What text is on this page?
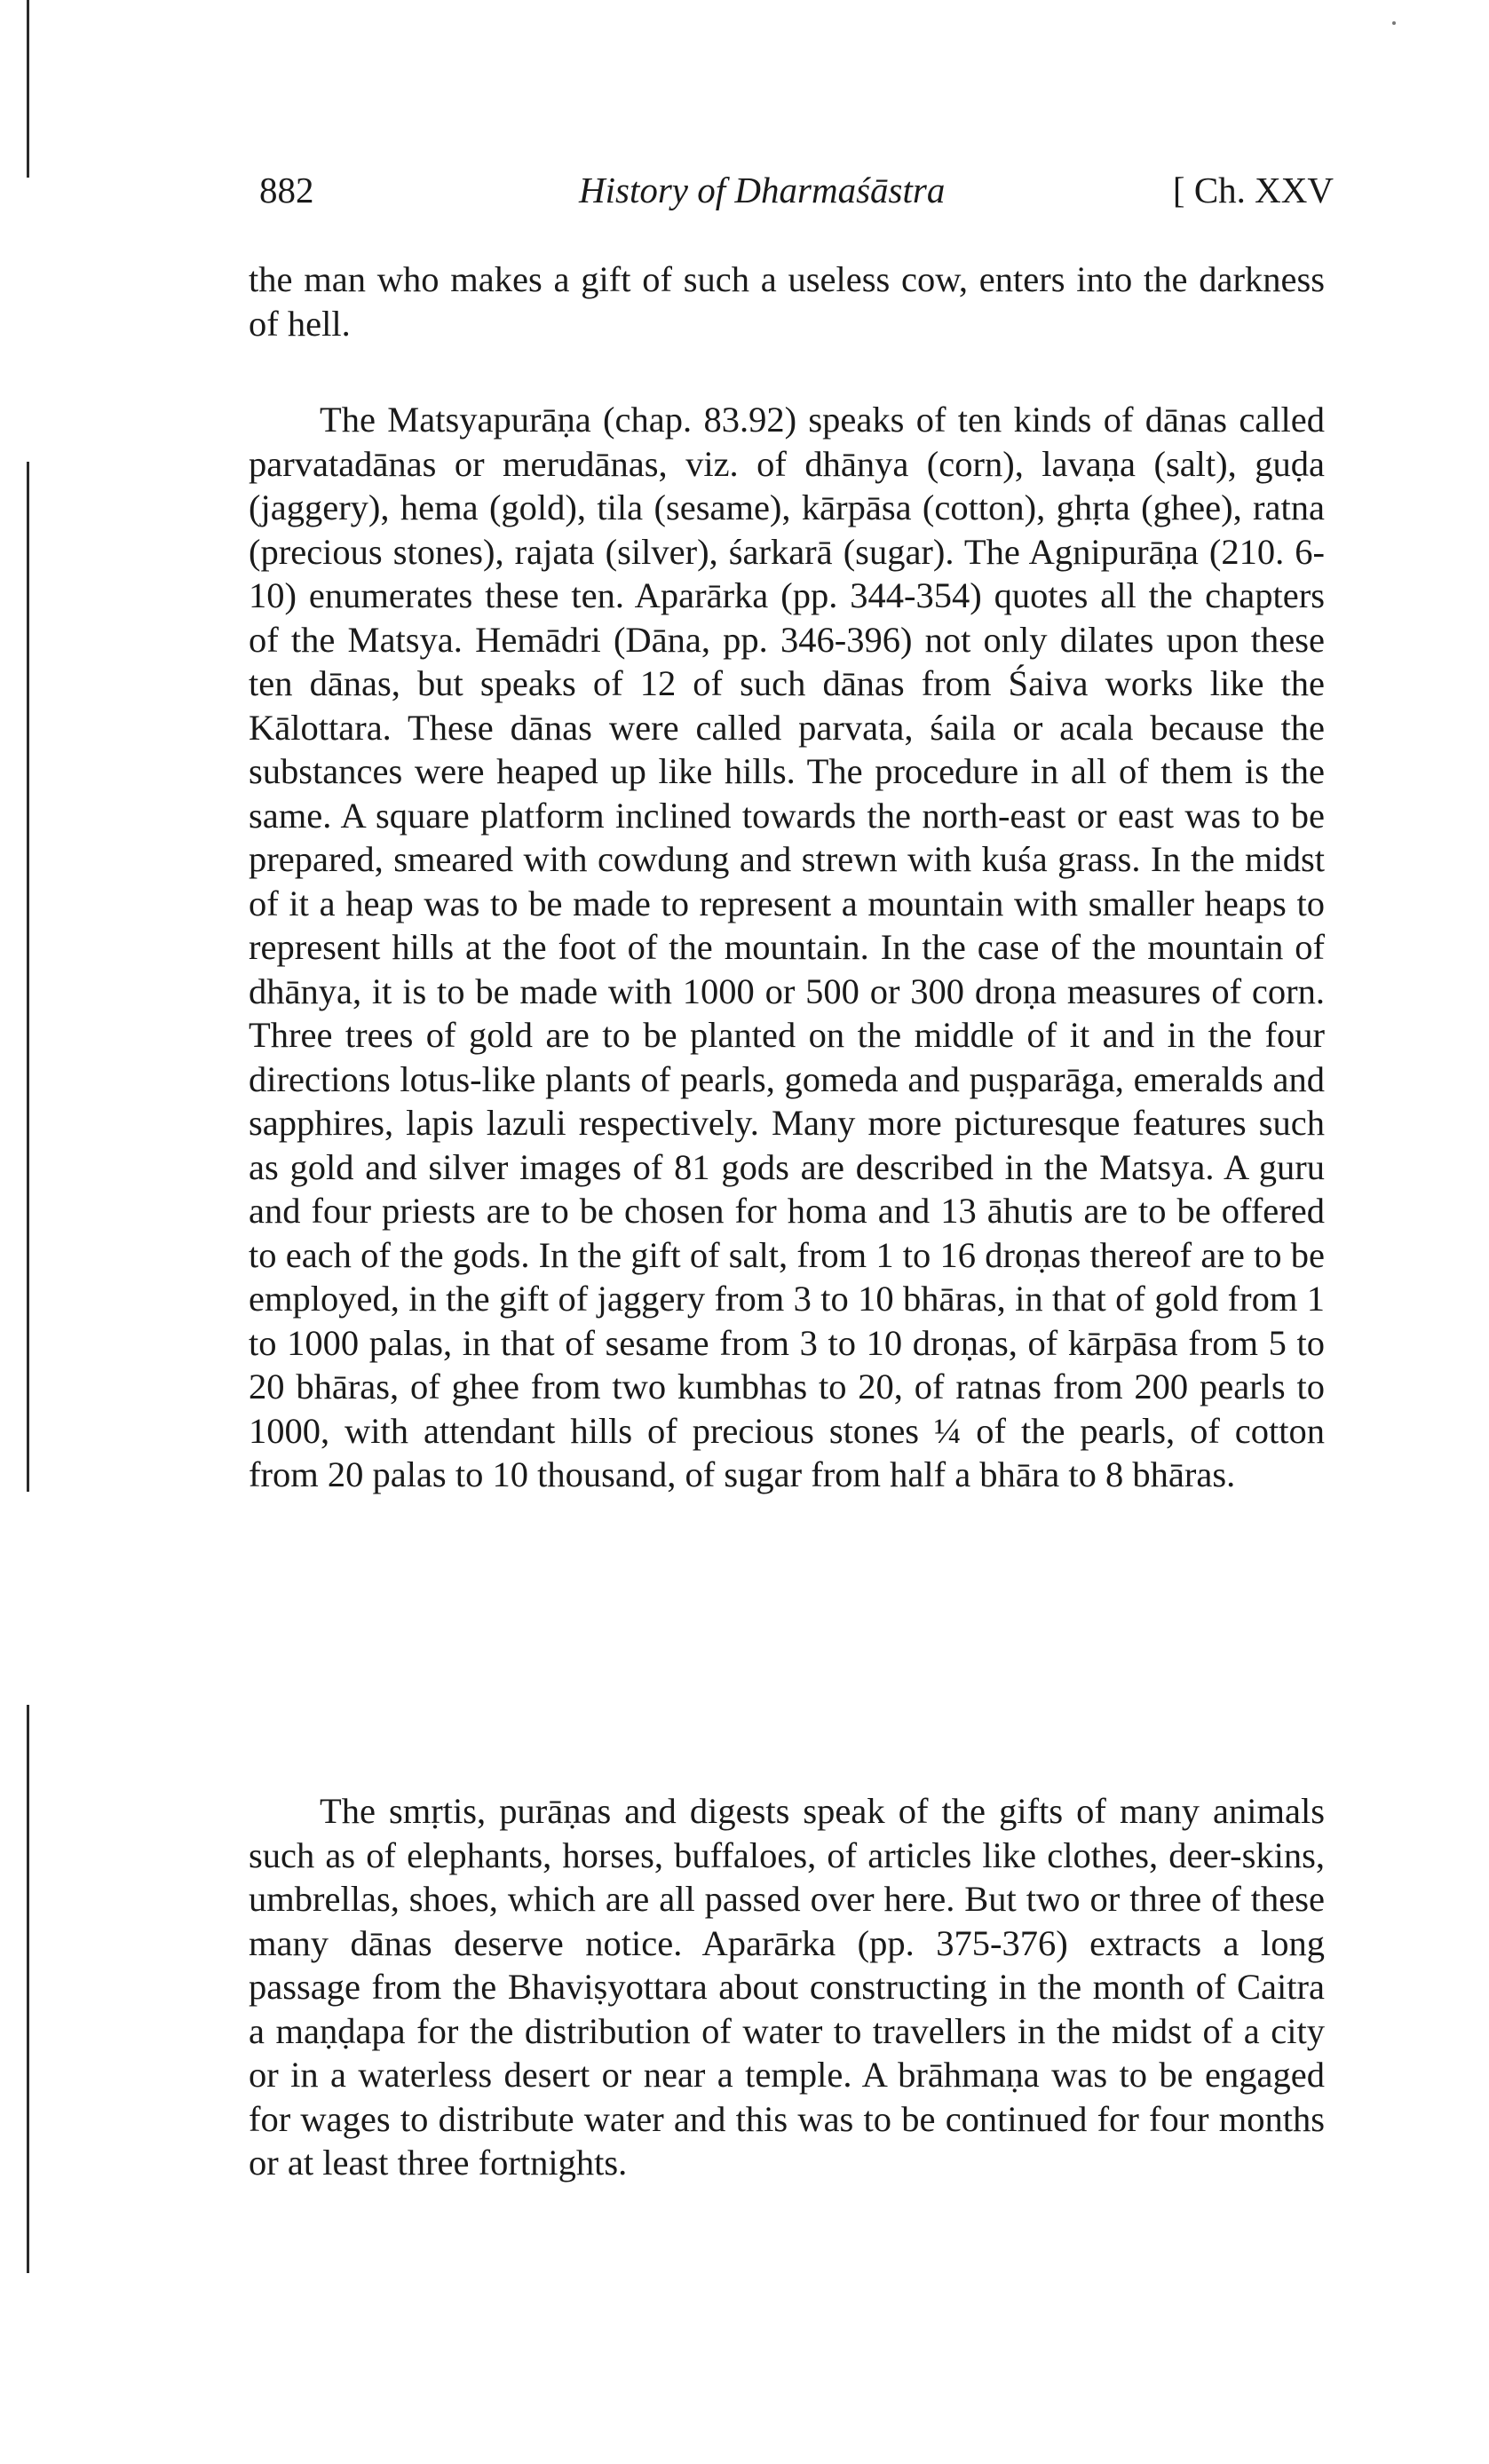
882	History of Dharmaśāstra	[ Ch. XXV

the man who makes a gift of such a useless cow, enters into the darkness of hell.

The Matsyapurāṇa (chap. 83.92) speaks of ten kinds of dānas called parvatadānas or merudānas, viz. of dhānya (corn), lavaṇa (salt), guḍa (jaggery), hema (gold), tila (sesame), kārpāsa (cotton), ghṛta (ghee), ratna (precious stones), rajata (silver), śarkarā (sugar). The Agnipurāṇa (210. 6-10) enumerates these ten. Aparārka (pp. 344-354) quotes all the chapters of the Matsya. Hemādri (Dāna, pp. 346-396) not only dilates upon these ten dānas, but speaks of 12 of such dānas from Śaiva works like the Kālottara. These dānas were called parvata, śaila or acala because the substances were heaped up like hills. The procedure in all of them is the same. A square platform inclined towards the north-east or east was to be prepared, smeared with cowdung and strewn with kuśa grass. In the midst of it a heap was to be made to represent a mountain with smaller heaps to represent hills at the foot of the mountain. In the case of the mountain of dhānya, it is to be made with 1000 or 500 or 300 droṇa measures of corn. Three trees of gold are to be planted on the middle of it and in the four directions lotus-like plants of pearls, gomeda and puṣparāga, emeralds and sapphires, lapis lazuli respectively. Many more picturesque features such as gold and silver images of 81 gods are described in the Matsya. A guru and four priests are to be chosen for homa and 13 āhutis are to be offered to each of the gods. In the gift of salt, from 1 to 16 droṇas thereof are to be employed, in the gift of jaggery from 3 to 10 bhāras, in that of gold from 1 to 1000 palas, in that of sesame from 3 to 10 droṇas, of kārpāsa from 5 to 20 bhāras, of ghee from two kumbhas to 20, of ratnas from 200 pearls to 1000, with attendant hills of precious stones ¼ of the pearls, of cotton from 20 palas to 10 thousand, of sugar from half a bhāra to 8 bhāras.

The smṛtis, purāṇas and digests speak of the gifts of many animals such as of elephants, horses, buffaloes, of articles like clothes, deer-skins, umbrellas, shoes, which are all passed over here. But two or three of these many dānas deserve notice. Aparārka (pp. 375-376) extracts a long passage from the Bhaviṣyottara about constructing in the month of Caitra a maṇḍapa for the distribution of water to travellers in the midst of a city or in a waterless desert or near a temple. A brāhmaṇa was to be engaged for wages to distribute water and this was to be continued for four months or at least three fortnights.
